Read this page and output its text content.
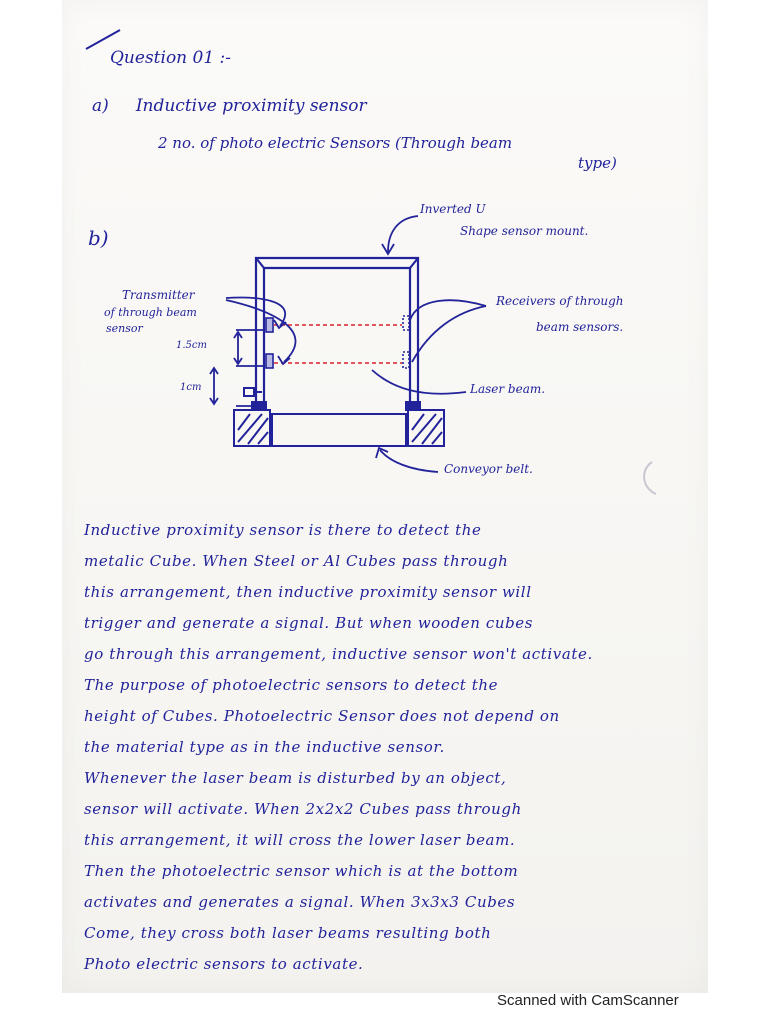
Question 01 :-
a) Inductive proximity sensor
2 no. of photo electric Sensors (Through beam
type)
b)
Inverted U
Shape sensor mount.
Transmitter
of through beam
sensor
Receivers of through
beam sensors.
Laser beam.
Conveyor belt.
1.5cm
1cm
Inductive proximity sensor is there to detect the
metalic Cube. When Steel or Al Cubes pass through
this arrangement, then inductive proximity sensor will
trigger and generate a signal. But when wooden cubes
go through this arrangement, inductive sensor won't activate.
The purpose of photoelectric sensors to detect the
height of Cubes. Photoelectric Sensor does not depend on
the material type as in the inductive sensor.
Whenever the laser beam is disturbed by an object,
sensor will activate. When 2x2x2 Cubes pass through
this arrangement, it will cross the lower laser beam.
Then the photoelectric sensor which is at the bottom
activates and generates a signal. When 3x3x3 Cubes
Come, they cross both laser beams resulting both
Photo electric sensors to activate.
Scanned with CamScanner
